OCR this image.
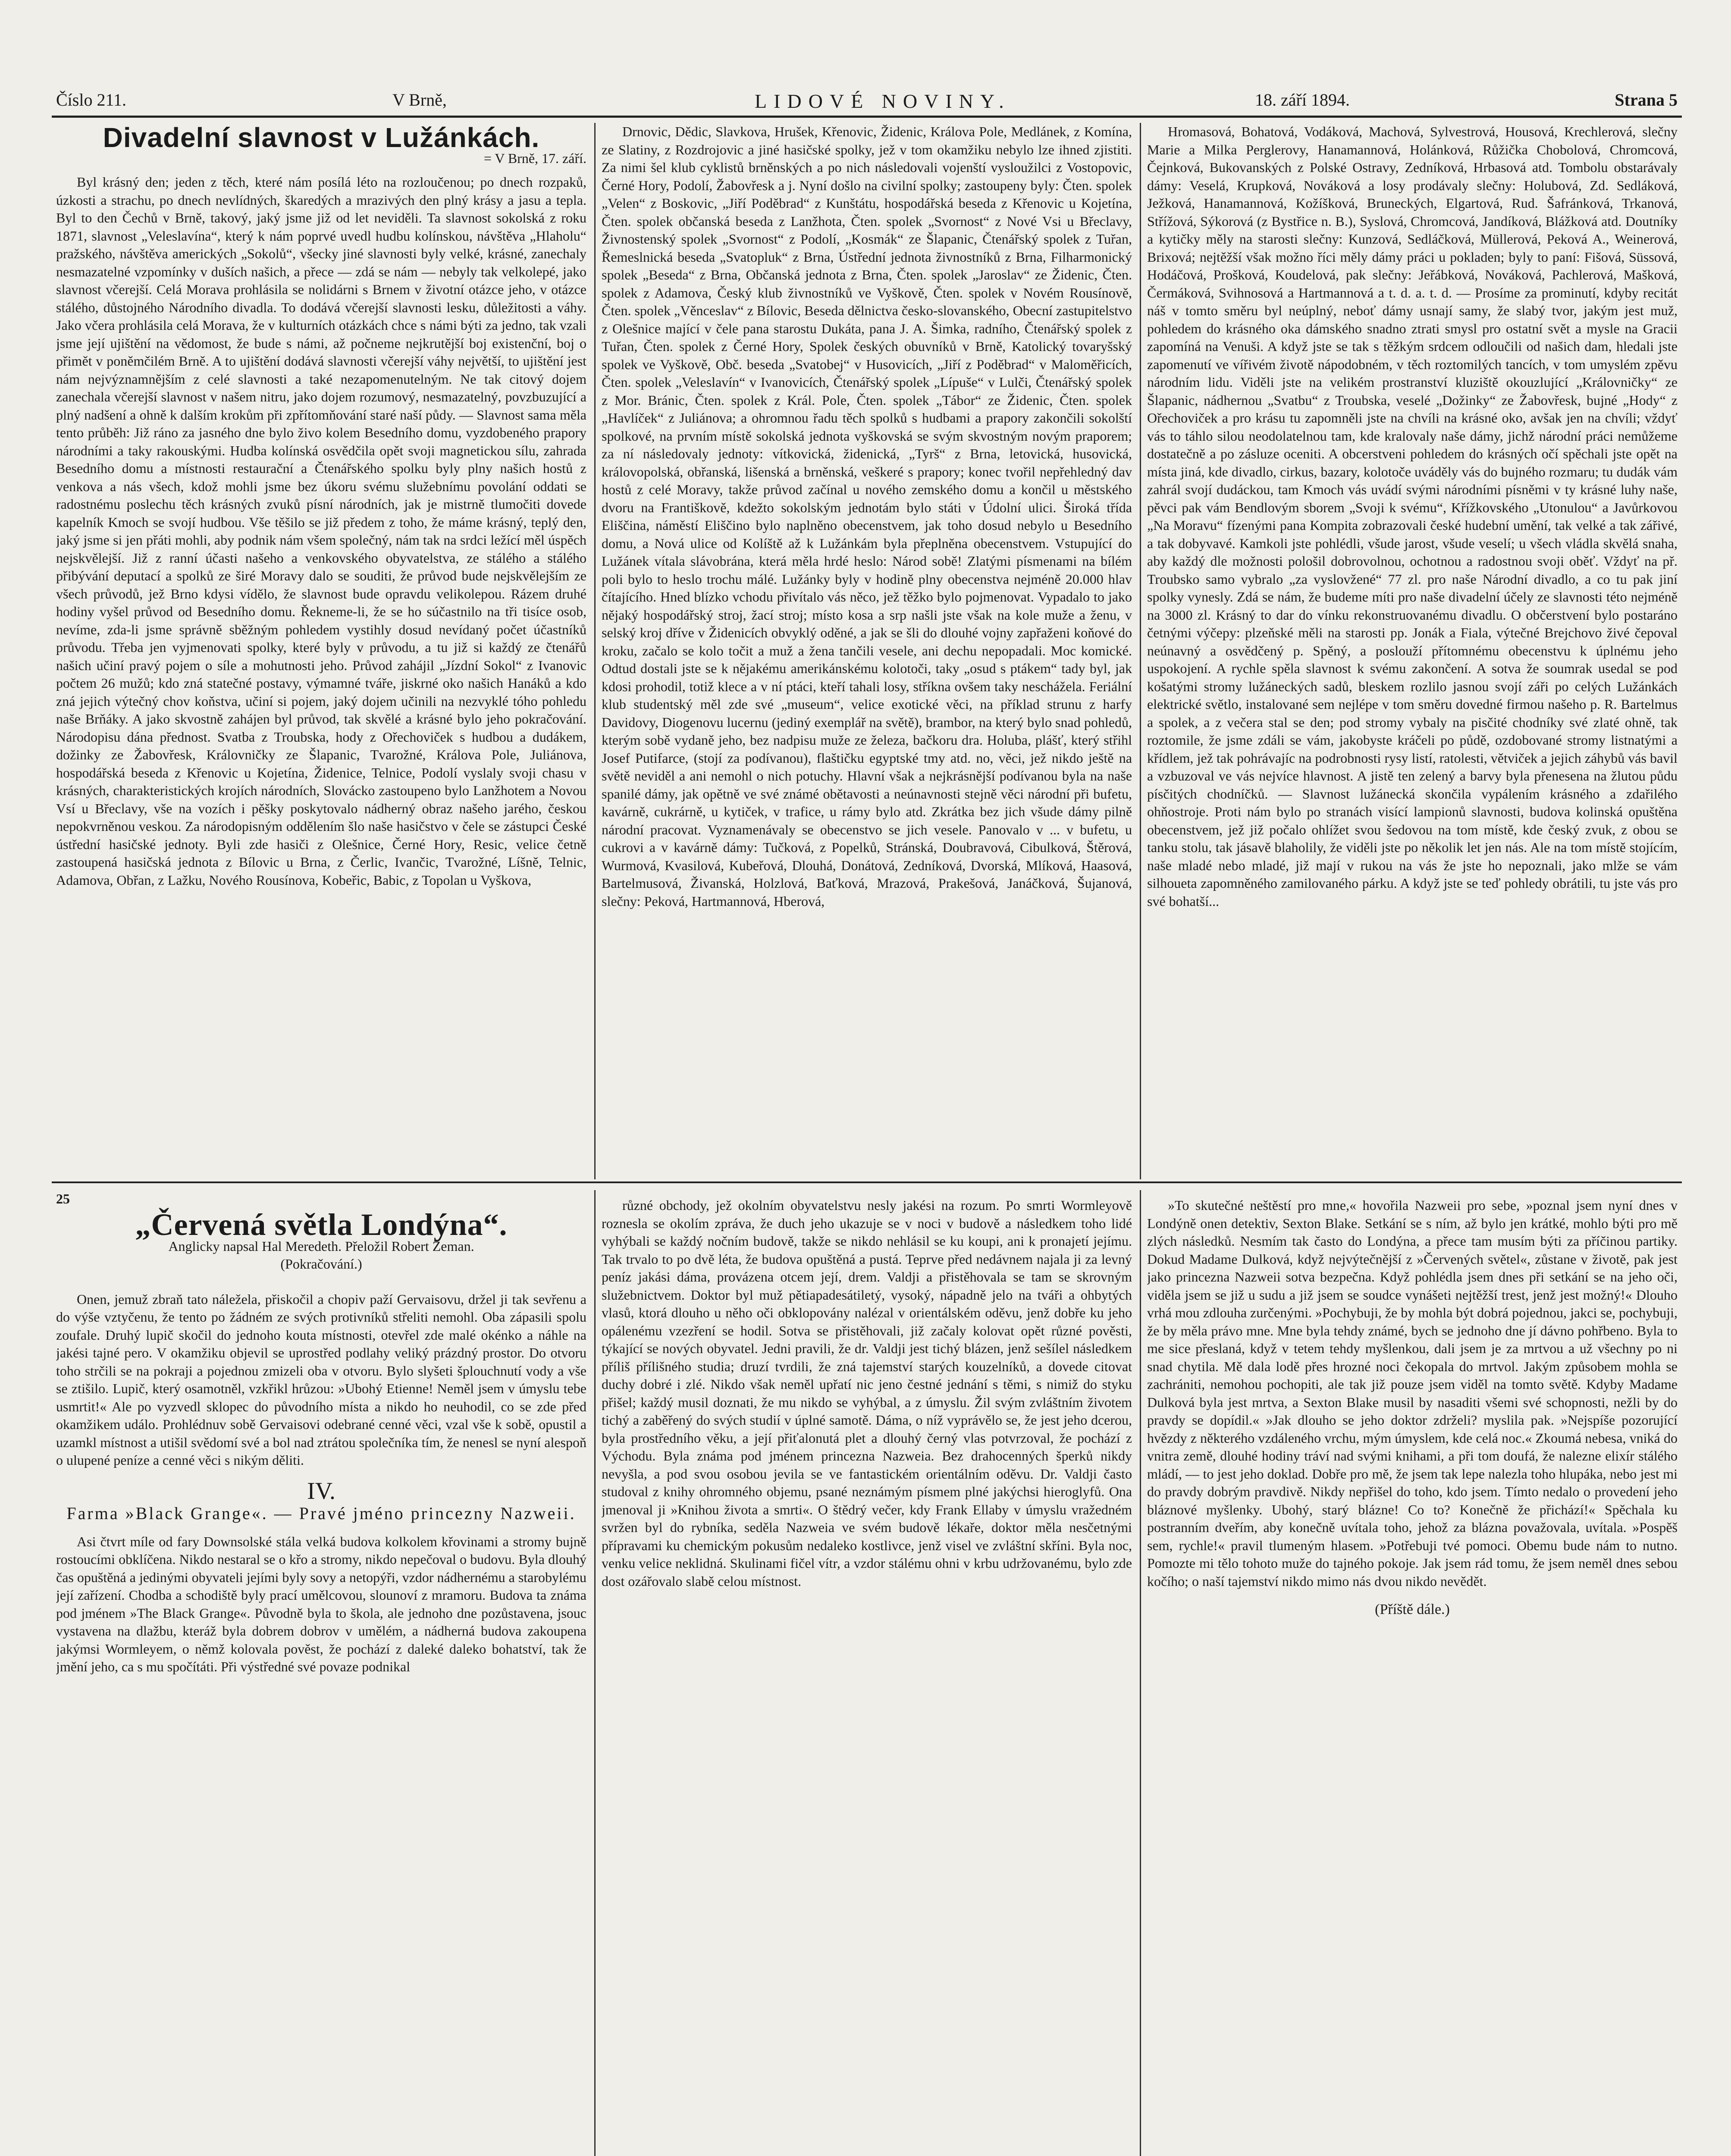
Číslo 211.	V Brně,	LIDOVÉ NOVINY.	18. září 1894.	Strana 5
Divadelní slavnost v Lužánkách.
= V Brně, 17. září.

Byl krásný den; jeden z těch, které nám posílá léto na rozloučenou; po dnech rozpaků, úzkosti a strachu, po dnech nevlídných, škaredých a mrazivých den plný krásy a jasu a tepla. Byl to den Čechů v Brně, takový, jaký jsme již od let neviděli. Ta slavnost sokolská z roku 1871, slavnost „Veleslavína“, který k nám poprvé uvedl hudbu kolínskou, návštěva „Hlaholu“ pražského, návštěva amerických „Sokolů“, všecky jiné slavnosti byly velké, krásné, zanechaly nesmazatelné vzpomínky v duších našich, a přece — zdá se nám — nebyly tak velkolepé, jako slavnost včerejší. Celá Morava prohlásila se nolidárni s Brnem v životní otázce jeho, v otázce stálého, důstojného Národního divadla. To dodává včerejší slavnosti lesku, důležitosti a váhy. Jako včera prohlásila celá Morava, že v kulturních otázkách chce s námi býti za jedno, tak vzali jsme její ujištění na vědomost, že bude s námi, až počneme nejkrutější boj existenční, boj o přimět v poněmčilém Brně. A to ujištění dodává slavnosti včerejší váhy největší, to ujištění jest nám nejvýznamnějším z celé slavnosti a také nezapomenutelným. Ne tak citový dojem zanechala včerejší slavnost v našem nitru, jako dojem rozumový, nesmazatelný, povzbuzující a plný nadšení a ohně k dalším krokům při zpřítomňování staré naší půdy. — Slavnost sama měla tento průběh: Již ráno za jasného dne bylo živo kolem Besedního domu, vyzdobeného prapory národními a taky rakouskými. Hudba kolínská osvědčila opět svoji magnetickou sílu, zahrada Besedního domu a místnosti restaurační a Čtenářského spolku byly plny našich hostů z venkova a nás všech, kdož mohli jsme bez úkoru svému služebnímu povolání oddati se radostnému poslechu těch krásných zvuků písní národních, jak je mistrně tlumočiti dovede kapelník Kmoch se svojí hudbou. Vše těšilo se již předem z toho, že máme krásný, teplý den, jaký jsme si jen přáti mohli, aby podnik nám všem společný, nám tak na srdci ležící měl úspěch nejskvělejší. Již z ranní účasti našeho a venkovského obyvatelstva, ze stálého a stálého přibývání deputací a spolků ze širé Moravy dalo se souditi, že průvod bude nejskvělejším ze všech průvodů, jež Brno kdysi vídělo, že slavnost bude opravdu velikolepou. Rázem druhé hodiny vyšel průvod od Besedního domu. Řekneme-li, že se ho súčastnilo na tři tisíce osob, nevíme, zda-li jsme správně sběžným pohledem vystihly dosud nevídaný počet účastníků průvodu. Třeba jen vyjmenovati spolky, které byly v průvodu, a tu již si každý ze čtenářů našich učiní pravý pojem o síle a mohutnosti jeho. Průvod zahájil „Jízdní Sokol“ z Ivanovic počtem 26 mužů; kdo zná statečné postavy, výmamné tváře, jiskrné oko našich Hanáků a kdo zná jejich výtečný chov koňstva, učiní si pojem, jaký dojem učinili na nezvyklé tóho pohledu naše Brňáky. A jako skvostně zahájen byl průvod, tak skvělé a krásné bylo jeho pokračování. Národopisu dána přednost. Svatba z Troubska, hody z Ořechoviček s hudbou a dudákem, dožinky ze Žabovřesk, Královničky ze Šlapanic, Tvarožné, Králova Pole, Juliánova, hospodářská beseda z Křenovic u Kojetína, Židenice, Telnice, Podolí vyslaly svoji chasu v krásných, charakteristických krojích národních, Slovácko zastoupeno bylo Lanžhotem a Novou Vsí u Břeclavy, vše na vozích i pěšky poskytovalo nádherný obraz našeho jarého, českou nepokvrněnou veskou. Za národopisným oddělením šlo naše hasičstvo v čele se zástupci České ústřední hasičské jednoty. Byli zde hasiči z Olešnice, Černé Hory, Resic, velice četně zastoupená hasičská jednota z Bílovic u Brna, z Čerlic, Ivančic, Tvarožné, Líšně, Telnic, Adamova, Obřan, z Lažku, Nového Rousínova, Kobeřic, Babic, z Topolan u Vyškova,

Drnovic, Dědic, Slavkova, Hrušek, Křenovic, Židenic, Králova Pole, Medlánek, z Komína, ze Slatiny, z Rozdrojovic a jiné hasičské spolky, jež v tom okamžiku nebylo lze ihned zjistiti. Za nimi šel klub cyklistů brněnských a po nich následovali vojenští vysloužilci z Vostopovic, Černé Hory, Podolí, Žabovřesk a j. Nyní došlo na civilní spolky; zastoupeny byly: Čten. spolek „Velen“ z Boskovic, „Jiří Poděbrad“ z Kunštátu, hospodářská beseda z Křenovic u Kojetína, Čten. spolek občanská beseda z Lanžhota, Čten. spolek „Svornost“ z Nové Vsi u Břeclavy, Živnostenský spolek „Svornost“ z Podolí, „Kosmák“ ze Šlapanic, Čtenářský spolek z Tuřan, Řemeslnická beseda „Svatopluk“ z Brna, Ústřední jednota živnostníků z Brna, Filharmonický spolek „Beseda“ z Brna, Občanská jednota z Brna, Čten. spolek „Jaroslav“ ze Židenic, Čten. spolek z Adamova, Český klub živnostníků ve Vyškově, Čten. spolek v Novém Rousínově, Čten. spolek „Věnceslav“ z Bílovic, Beseda dělnictva česko-slovanského, Obecní zastupitelstvo z Olešnice mající v čele pana starostu Dukáta, pana J. A. Šimka, radního, Čtenářský spolek z Tuřan, Čten. spolek z Černé Hory, Spolek českých obuvníků v Brně, Katolický tovaryšský spolek ve Vyškově, Obč. beseda „Svatobej“ v Husovicích, „Jiří z Poděbrad“ v Maloměřicích, Čten. spolek „Veleslavín“ v Ivanovicích, Čtenářský spolek „Lípuše“ v Lulči, Čtenářský spolek z Mor. Bránic, Čten. spolek z Král. Pole, Čten. spolek „Tábor“ ze Židenic, Čten. spolek „Havlíček“ z Juliánova; a ohromnou řadu těch spolků s hudbami a prapory zakončili sokolští spolkové, na prvním místě sokolská jednota vyškovská se svým skvostným novým praporem; za ní následovaly jednoty: vítkovická, židenická, „Tyrš“ z Brna, letovická, husovická, královopolská, obřanská, lišenská a brněnská, veškeré s prapory; konec tvořil nepřehledný dav hostů z celé Moravy, takže průvod začínal u nového zemského domu a končil u městského dvoru na Františkově, kdežto sokolským jednotám bylo státi v Údolní ulici. Široká třída Eliščina, náměstí Eliščino bylo naplněno obecenstvem, jak toho dosud nebylo u Besedního domu, a Nová ulice od Kolíště až k Lužánkám byla přeplněna obecenstvem. Vstupující do Lužánek vítala slávobrána, která měla hrdé heslo: Národ sobě! Zlatými písmenami na bílém poli bylo to heslo trochu málé. Lužánky byly v hodině plny obecenstva nejméně 20.000 hlav čítajícího. Hned blízko vchodu přivítalo vás něco, jež těžko bylo pojmenovat. Vypadalo to jako nějaký hospodářský stroj, žací stroj; místo kosa a srp našli jste však na kole muže a ženu, v selský kroj dříve v Židenicích obvyklý oděné, a jak se šli do dlouhé vojny zapřaženi koňové do kroku, začalo se kolo točit a muž a žena tančili vesele, ani dechu nepopadali. Moc komické. Odtud dostali jste se k nějakému amerikánskému kolotoči, taky „osud s ptákem“ tady byl, jak kdosi prohodil, totiž klece a v ní ptáci, kteří tahali losy, stříkna ovšem taky neschážela. Feriální klub studentský měl zde své „museum“, velice exotické věci, na příklad strunu z harfy Davidovy, Diogenovu lucernu (jediný exemplář na světě), brambor, na který bylo snad pohledů, kterým sobě vydaně jeho, bez nadpisu muže ze železa, bačkoru dra. Holuba, plášť, který střihl Josef Putifarce, (stojí za podívanou), flaštičku egyptské tmy atd. no, věci, jež nikdo ještě na světě neviděl a ani nemohl o nich potuchy. Hlavní však a nejkrásnější podívanou byla na naše spanilé dámy, jak opětně ve své známé obětavosti a neúnavnosti stejně věci národní při bufetu, kavárně, cukrárně, u kytiček, v trafice, u rámy bylo atd. Zkrátka bez jich všude dámy pilně národní pracovat. Vyznamenávaly se obecenstvo se jich vesele. Panovalo v ... v bufetu, u cukrovi a v kavárně dámy: Tučková, z Popelků, Stránská, Doubravová, Cibulková, Štěrová, Wurmová, Kvasilová, Kubeřová, Dlouhá, Donátová, Zedníková, Dvorská, Mlíková, Haasová, Bartelmusová, Živanská, Holzlová, Baťková, Mrazová, Prakešová, Janáčková, Šujanová, slečny: Peková, Hartmannová, Hberová,

Hromasová, Bohatová, Vodáková, Machová, Sylvestrová, Housová, Krechlerová, slečny Marie a Milka Perglerovy, Hanamannová, Holánková, Růžička Chobolová, Chromcová, Čejnková, Bukovanských z Polské Ostravy, Zedníková, Hrbasová atd. Tombolu obstarávaly dámy: Veselá, Krupková, Nováková a losy prodávaly slečny: Holubová, Zd. Sedláková, Ježková, Hanamannová, Kožíšková, Bruneckých, Elgartová, Rud. Šafránková, Trkanová, Střížová, Sýkorová (z Bystřice n. B.), Syslová, Chromcová, Jandíková, Blážková atd. Doutníky a kytičky měly na starosti slečny: Kunzová, Sedláčková, Müllerová, Peková A., Weinerová, Brixová; nejtěžší však možno říci měly dámy práci u pokladen; byly to paní: Fišová, Süssová, Hodáčová, Prošková, Koudelová, pak slečny: Jeřábková, Nováková, Pachlerová, Mašková, Čermáková, Svihnosová a Hartmannová a t. d. a. t. d. — Prosíme za prominutí, kdyby recitát náš v tomto směru byl neúplný, neboť dámy usnají samy, že slabý tvor, jakým jest muž, pohledem do krásného oka dámského snadno ztrati smysl pro ostatní svět a mysle na Gracii zapomíná na Venuši. A když jste se tak s těžkým srdcem odloučili od našich dam, hledali jste zapomenutí ve vířivém životě nápodobném, v těch roztomilých tancích, v tom umyslém zpěvu národním lidu. Viděli jste na velikém prostranství kluziště okouzlující „Královničky“ ze Šlapanic, nádhernou „Svatbu“ z Troubska, veselé „Dožinky“ ze Žabovřesk, bujné „Hody“ z Ořechoviček a pro krásu tu zapomněli jste na chvíli na krásné oko, avšak jen na chvíli; vždyť vás to táhlo silou neodolatelnou tam, kde kralovaly naše dámy, jichž národní práci nemůžeme dostatečně a po zásluze oceniti. A obcerstveni pohledem do krásných očí spěchali jste opět na místa jiná, kde divadlo, cirkus, bazary, kolotoče uváděly vás do bujného rozmaru; tu dudák vám zahrál svojí dudáckou, tam Kmoch vás uvádí svými národními písněmi v ty krásné luhy naše, pěvci pak vám Bendlovým sborem „Svoji k svému“, Křížkovského „Utonulou“ a Javůrkovou „Na Moravu“ fízenými pana Kompita zobrazovali české hudební umění, tak velké a tak zářivé, a tak dobyvavé. Kamkoli jste pohlédli, všude jarost, všude veselí; u všech vládla skvělá snaha, aby každý dle možnosti pološil dobrovolnou, ochotnou a radostnou svoji oběť. Vždyť na př. Troubsko samo vybralo „za vyslovžené“ 77 zl. pro naše Národní divadlo, a co tu pak jiní spolky vynesly. Zdá se nám, že budeme míti pro naše divadelní účely ze slavnosti této nejméně na 3000 zl. Krásný to dar do vínku rekonstruovanému divadlu. O občerstvení bylo postaráno četnými výčepy: plzeňské měli na starosti pp. Jonák a Fiala, výtečné Brejchovo živé čepoval neúnavný a osvědčený p. Spěný, a poslouží přítomnému obecenstvu k úplnému jeho uspokojení. A rychle spěla slavnost k svému zakončení. A sotva že soumrak usedal se pod košatými stromy lužáneckých sadů, bleskem rozlilo jasnou svojí záři po celých Lužánkách elektrické světlo, instalované sem nejlépe v tom směru dovedné firmou našeho p. R. Bartelmus a spolek, a z večera stal se den; pod stromy vybaly na pisčité chodníky své zlaté ohně, tak roztomile, že jsme zdáli se vám, jakobyste kráčeli po půdě, ozdobované stromy listnatými a křídlem, jež tak pohrávajíc na podrobnosti rysy listí, ratolesti, větviček a jejich záhybů vás bavil a vzbuzoval ve vás nejvíce hlavnost. A jistě ten zelený a barvy byla přenesena na žlutou půdu písčitých chodníčků. — Slavnost lužánecká skončila vypálením krásného a zdařilého ohňostroje. Proti nám bylo po stranách visící lampionů slavnosti, budova kolinská opuštěna obecenstvem, jež již počalo ohlížet svou šedovou na tom místě, kde český zvuk, z obou se tanku stolu, tak jásavě blaholily, že viděli jste po několik let jen nás. Ale na tom místě stojícím, naše mladé nebo mladé, již mají v rukou na vás že jste ho nepoznali, jako mlže se vám silhoueta zapomněného zamilovaného párku. A když jste se teď pohledy obrátili, tu jste vás pro své bohatší...

25
„Červená světla Londýna“.
Anglicky napsal Hal Meredeth. Přeložil Robert Zeman.
(Pokračování.)

Onen, jemuž zbraň tato náležela, přiskočil a chopiv paží Gervaisovu, držel ji tak sevřenu a do výše vztyčenu, že tento po žádném ze svých protivníků střeliti nemohl. Oba zápasili spolu zoufale. Druhý lupič skočil do jednoho kouta místnosti, otevřel zde malé okénko a náhle na jakési tajné pero. V okamžiku objevil se uprostřed podlahy veliký prázdný prostor. Do otvoru toho strčili se na pokraji a pojednou zmizeli oba v otvoru. Bylo slyšeti šplouchnutí vody a vše se ztišilo. Lupič, který osamotněl, vzkřikl hrůzou: »Ubohý Etienne! Neměl jsem v úmyslu tebe usmrtit!« Ale po vyzvedl sklopec do původního místa a nikdo ho neuhodil, co se zde před okamžikem událo. Prohlédnuv sobě Gervaisovi odebrané cenné věci, vzal vše k sobě, opustil a uzamkl místnost a utišil svědomí své a bol nad ztrátou společníka tím, že nenesl se nyní alespoň o ulupené peníze a cenné věci s nikým děliti.

IV.
Farma »Black Grange«. — Pravé jméno princezny Nazweii.

Asi čtvrt míle od fary Downsolské stála velká budova kolkolem křovinami a stromy bujně rostoucími obklíčena. Nikdo nestaral se o křo a stromy, nikdo nepečoval o budovu. Byla dlouhý čas opuštěná a jedinými obyvateli jejími byly sovy a netopýři, vzdor nádhernému a starobylému její zařízení. Chodba a schodiště byly prací umělcovou, slounoví z mramoru. Budova ta známa pod jménem »The Black Grange«. Původně byla to škola, ale jednoho dne pozůstavena, jsouc vystavena na dlažbu, kteráž byla dobrem dobrov v umělém, a nádherná budova zakoupena jakýmsi Wormleyem, o němž kolovala pověst, že pochází z daleké daleko bohatství, tak že jmění jeho, ca s mu spočítáti. Při výstředné své povaze podnikal

různé obchody, jež okolním obyvatelstvu nesly jakési na rozum. Po smrti Wormleyově roznesla se okolím zpráva, že duch jeho ukazuje se v noci v budově a následkem toho lidé vyhýbali se každý nočním budově, takže se nikdo nehlásil se ku koupi, ani k pronajetí jejímu. Tak trvalo to po dvě léta, že budova opuštěná a pustá. Teprve před nedávnem najala ji za levný peníz jakási dáma, provázena otcem její, drem. Valdji a přistěhovala se tam se skrovným služebnictvem. Doktor byl muž pětiapadesátiletý, vysoký, nápadně jelo na tváři a ohbytých vlasů, ktorá dlouho u něho oči obklopovány nalézal v orientálském oděvu, jenž dobře ku jeho opálenému vzezření se hodil. Sotva se přistěhovali, již začaly kolovat opět různé pověsti, týkající se nových obyvatel. Jedni pravili, že dr. Valdji jest tichý blázen, jenž sešílel následkem příliš přílišného studia; druzí tvrdili, že zná tajemství starých kouzelníků, a dovede citovat duchy dobré i zlé. Nikdo však neměl upřatí nic jeno čestné jednání s těmi, s nimiž do styku přišel; každý musil doznati, že mu nikdo se vyhýbal, a z úmyslu. Žil svým zvláštním životem tichý a zaběřený do svých studií v úplné samotě. Dáma, o níž vyprávělo se, že jest jeho dcerou, byla prostředního věku, a její přiťalonutá plet a dlouhý černý vlas potvrzoval, že pochází z Východu. Byla známa pod jménem princezna Nazweia. Bez drahocenných šperků nikdy nevyšla, a pod svou osobou jevila se ve fantastickém orientálním oděvu. Dr. Valdji často studoval z knihy ohromného objemu, psané neznámým písmem plné jakýchsi hieroglyfů. Ona jmenoval ji »Knihou života a smrti«. O štědrý večer, kdy Frank Ellaby v úmyslu vražedném svržen byl do rybníka, seděla Nazweia ve svém budově lékaře, doktor měla nesčetnými přípravami ku chemickým pokusům nedaleko kostlivce, jenž visel ve zvláštní skříni. Byla noc, venku velice neklidná. Skulinami fičel vítr, a vzdor stálému ohni v krbu udržovanému, bylo zde dost ozářovalo slabě celou místnost.

»To skutečné neštěstí pro mne,« hovořila Nazweii pro sebe, »poznal jsem nyní dnes v Londýně onen detektiv, Sexton Blake. Setkání se s ním, až bylo jen krátké, mohlo býti pro mě zlých následků. Nesmím tak často do Londýna, a přece tam musím býti za příčinou partiky. Dokud Madame Dulková, když nejvýtečnější z »Červených světel«, zůstane v životě, pak jest jako princezna Nazweii sotva bezpečna. Když pohlédla jsem dnes při setkání se na jeho oči, viděla jsem se již u sudu a již jsem se soudce vynášeti nejtěžší trest, jenž jest možný!« Dlouho vrhá mou zdlouha zurčenými. »Pochybuji, že by mohla být dobrá pojednou, jakci se, pochybuji, že by měla právo mne. Mne byla tehdy známé, bych se jednoho dne jí dávno pohřbeno. Byla to me sice přeslaná, když v tetem tehdy myšlenkou, dali jsem je za mrtvou a už všechny po ni snad chytila. Mě dala lodě přes hrozné noci čekopala do mrtvol. Jakým způsobem mohla se zachrániti, nemohou pochopiti, ale tak již pouze jsem viděl na tomto světě. Kdyby Madame Dulková byla jest mrtva, a Sexton Blake musil by nasaditi všemi své schopnosti, nežli by do pravdy se dopídil.« »Jak dlouho se jeho doktor zdrželi? myslila pak. »Nejspíše pozorující hvězdy z některého vzdáleného vrchu, mým úmyslem, kde celá noc.« Zkoumá nebesa, vniká do vnitra země, dlouhé hodiny tráví nad svými knihami, a při tom doufá, že nalezne elixír stálého mládí, — to jest jeho doklad. Dobře pro mě, že jsem tak lepe nalezla toho hlupáka, nebo jest mi do pravdy dobrým pravdivě. Nikdy nepřišel do toho, kdo jsem. Tímto nedalo o provedení jeho bláznové myšlenky. Ubohý, starý blázne! Co to? Konečně že přichází!« Spěchala ku postranním dveřím, aby konečně uvítala toho, jehož za blázna považovala, uvítala. »Pospěš sem, rychle!« pravil tlumeným hlasem. »Potřebuji tvé pomoci. Obemu bude nám to nutno. Pomozte mi tělo tohoto muže do tajného pokoje. Jak jsem rád tomu, že jsem neměl dnes sebou kočího; o naší tajemství nikdo mimo nás dvou nikdo nevědět.

(Příště dále.)
